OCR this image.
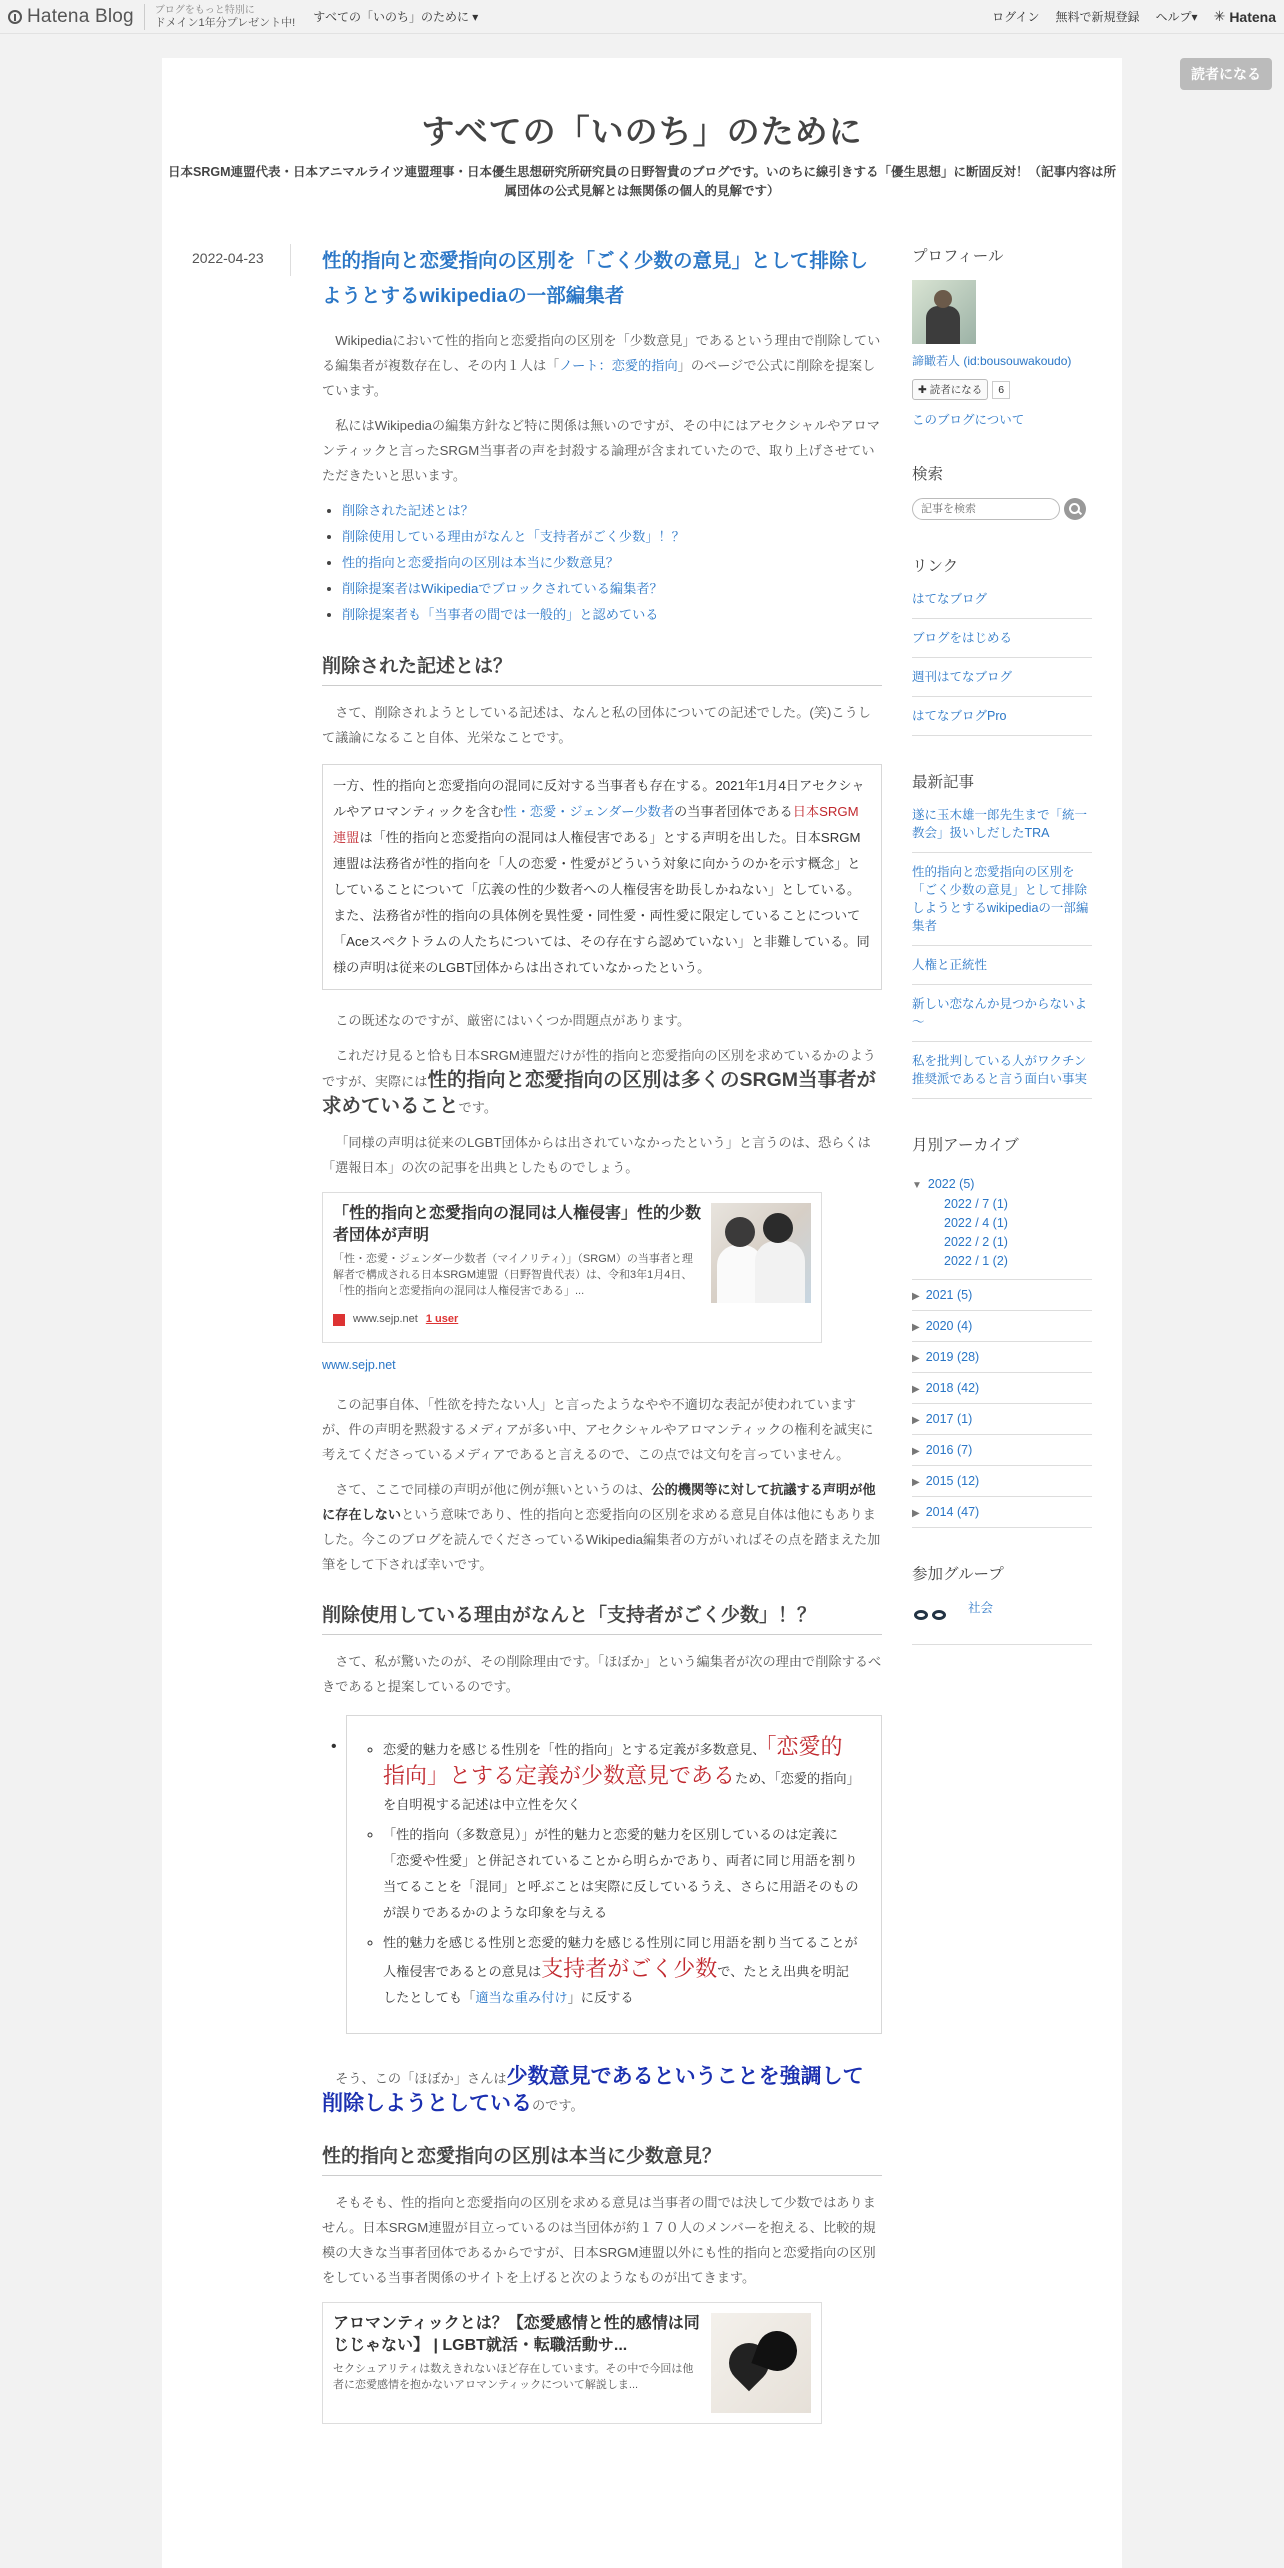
Hatena Blog ブログをもっと特別に
ドメイン1年分プレゼント中! すべての「いのち」のために ▾	ログイン 無料で新規登録 ヘルプ▾ ✳ Hatena
読者になる
すべての「いのち」のために
日本SRGM連盟代表・日本アニマルライツ連盟理事・日本優生思想研究所研究員の日野智貴のブログです。いのちに線引きする「優生思想」に断固反対！（記事内容は所属団体の公式見解とは無関係の個人的見解です）
2022-04-23	性的指向と恋愛指向の区別を「ごく少数の意見」として排除しようとするwikipediaの一部編集者

Wikipediaにおいて性的指向と恋愛指向の区別を「少数意見」であるという理由で削除している編集者が複数存在し、その内１人は「ノート：恋愛的指向」のページで公式に削除を提案しています。

私にはWikipediaの編集方針など特に関係は無いのですが、その中にはアセクシャルやアロマンティックと言ったSRGM当事者の声を封殺する論理が含まれていたので、取り上げさせていただきたいと思います。

• 削除された記述とは？
• 削除使用している理由がなんと「支持者がごく少数」！？
• 性的指向と恋愛指向の区別は本当に少数意見？
• 削除提案者はWikipediaでブロックされている編集者？
• 削除提案者も「当事者の間では一般的」と認めている
削除された記述とは？

さて、削除されようとしている記述は、なんと私の団体についての記述でした。(笑)こうして議論になること自体、光栄なことです。

一方、性的指向と恋愛指向の混同に反対する当事者も存在する。2021年1月4日アセクシャルやアロマンティックを含む性・恋愛・ジェンダー少数者の当事者団体である日本SRGM連盟は「性的指向と恋愛指向の混同は人権侵害である」とする声明を出した。日本SRGM連盟は法務省が性的指向を「人の恋愛・性愛がどういう対象に向かうのかを示す概念」としていることについて「広義の性的少数者への人権侵害を助長しかねない」としている。また、法務省が性的指向の具体例を異性愛・同性愛・両性愛に限定していることについて「Aceスペクトラムの人たちについては、その存在すら認めていない」と非難している。同様の声明は従来のLGBT団体からは出されていなかったという。

この既述なのですが、厳密にはいくつか問題点があります。

これだけ見ると恰も日本SRGM連盟だけが性的指向と恋愛指向の区別を求めているかのようですが、実際には性的指向と恋愛指向の区別は多くのSRGM当事者が求めていることです。

「同様の声明は従来のLGBT団体からは出されていなかったという」と言うのは、恐らくは「選報日本」の次の記事を出典としたものでしょう。

「性的指向と恋愛指向の混同は人権侵害」性的少数者団体が声明
「性・恋愛・ジェンダー少数者（マイノリティ）」（SRGM）の当事者と理解者で構成される日本SRGM連盟（日野智貴代表）は、令和3年1月4日、「性的指向と恋愛指向の混同は人権侵害である」...
www.sejp.net 1 user
www.sejp.net

この記事自体、「性欲を持たない人」と言ったようなやや不適切な表記が使われていますが、件の声明を黙殺するメディアが多い中、アセクシャルやアロマンティックの権利を誠実に考えてくださっているメディアであると言えるので、この点では文句を言っていません。

さて、ここで同様の声明が他に例が無いというのは、公的機関等に対して抗議する声明が他に存在しないという意味であり、性的指向と恋愛指向の区別を求める意見自体は他にもありました。今このブログを読んでくださっているWikipedia編集者の方がいればその点を踏まえた加筆をして下されば幸いです。

削除使用している理由がなんと「支持者がごく少数」！？

さて、私が驚いたのが、その削除理由です。「ほぼか」という編集者が次の理由で削除するべきであると提案しているのです。

• ◦ 恋愛的魅力を感じる性別を「性的指向」とする定義が多数意見、「恋愛的指向」とする定義が少数意見であるため、「恋愛的指向」を自明視する記述は中立性を欠く
◦ 「性的指向（多数意見）」が性的魅力と恋愛的魅力を区別しているのは定義に「恋愛や性愛」と併記されていることから明らかであり、両者に同じ用語を割り当てることを「混同」と呼ぶことは実際に反しているうえ、さらに用語そのものが誤りであるかのような印象を与える
◦ 性的魅力を感じる性別と恋愛的魅力を感じる性別に同じ用語を割り当てることが人権侵害であるとの意見は支持者がごく少数で、たとえ出典を明記したとしても「適当な重み付け」に反する

そう、この「ほぼか」さんは少数意見であるということを強調して削除しようとしているのです。

性的指向と恋愛指向の区別は本当に少数意見？

そもそも、性的指向と恋愛指向の区別を求める意見は当事者の間では決して少数ではありません。日本SRGM連盟が目立っているのは当団体が約１７０人のメンバーを抱える、比較的規模の大きな当事者団体であるからですが、日本SRGM連盟以外にも性的指向と恋愛指向の区別をしている当事者関係のサイトを上げると次のようなものが出てきます。

アロマンティックとは？【恋愛感情と性的感情は同じじゃない】 | LGBT就活・転職活動サ...
セクシュアリティは数えきれないほど存在しています。その中で今回は他者に恋愛感情を抱かないアロマンティックについて解説しま...
プロフィール
諦瞰若人 (id:bousouwakoudo)
✚ 読者になる	6
このブログについて
検索
記事を検索
リンク
はてなブログ
ブログをはじめる
週刊はてなブログ
はてなブログPro
最新記事
遂に玉木雄一郎先生まで「統一教会」扱いしだしたTRA
性的指向と恋愛指向の区別を「ごく少数の意見」として排除しようとするwikipediaの一部編集者
人権と正統性
新しい恋なんか見つからないよ～
私を批判している人がワクチン推奨派であると言う面白い事実
月別アーカイブ
▼ 2022 (5)
2022 / 7 (1)
2022 / 4 (1)
2022 / 2 (1)
2022 / 1 (2)
▶ 2021 (5)
▶ 2020 (4)
▶ 2019 (28)
▶ 2018 (42)
▶ 2017 (1)
▶ 2016 (7)
▶ 2015 (12)
▶ 2014 (47)
参加グループ
社会
